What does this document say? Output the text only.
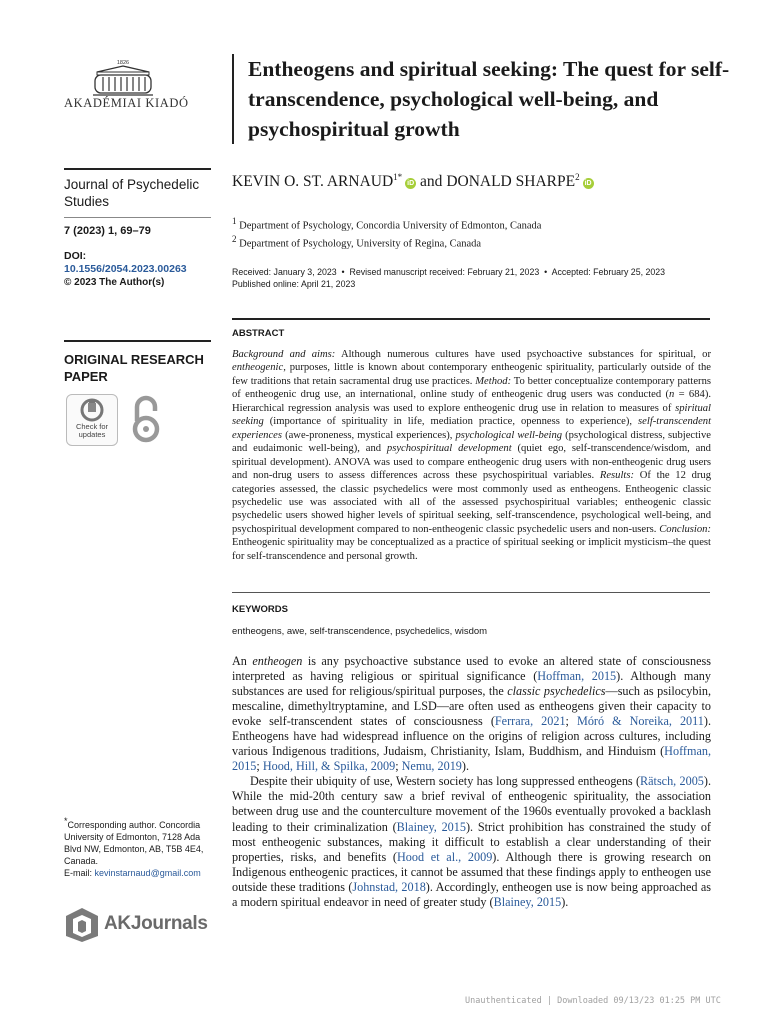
1826
AKADÉMIAI KIADÓ
Journal of Psychedelic Studies
7 (2023) 1, 69–79
DOI:
10.1556/2054.2023.00263
© 2023 The Author(s)
ORIGINAL RESEARCH PAPER
Check for updates
*Corresponding author. Concordia University of Edmonton, 7128 Ada Blvd NW, Edmonton, AB, T5B 4E4, Canada.
E-mail: kevinstarnaud@gmail.com
AKJournals
Entheogens and spiritual seeking: The quest for self-transcendence, psychological well-being, and psychospiritual growth
KEVIN O. ST. $ARNAUD^{1*}iD$ and DONALD SHARPE$^2$iD
$^1$ Department of Psychology, Concordia University of Edmonton, Canada
$^2$ Department of Psychology, University of Regina, Canada
Received: January 3, 2023  •  Revised manuscript received: February 21, 2023  •  Accepted: February 25, 2023
Published online: April 21, 2023
ABSTRACT
Background and aims: Although numerous cultures have used psychoactive substances for spiritual, or entheogenic, purposes, little is known about contemporary entheogenic spirituality, particularly outside of the few traditions that retain sacramental drug use practices. Method: To better conceptualize contemporary patterns of entheogenic drug use, an international, online study of entheogenic drug users was conducted (n = 684). Hierarchical regression analysis was used to explore entheogenic drug use in relation to measures of spiritual seeking (importance of spirituality in life, mediation practice, openness to experience), self-transcendent experiences (awe-proneness, mystical experiences), psychological well-being (psychological distress, subjective and eudaimonic well-being), and psychospiritual development (quiet ego, self-transcendence/wisdom, and spiritual development). ANOVA was used to compare entheogenic drug users with non-entheogenic drug users and non-drug users to assess differences across these psychospiritual variables. Results: Of the 12 drug categories assessed, the classic psychedelics were most commonly used as entheogens. Entheogenic classic psychedelic use was associated with all of the assessed psychospiritual variables; entheogenic classic psychedelic users showed higher levels of spiritual seeking, self-transcendence, psychological well-being, and psychospiritual development compared to non-entheogenic classic psychedelic users and non-users. Conclusion: Entheogenic spirituality may be conceptualized as a practice of spiritual seeking or implicit mysticism–the quest for self-transcendence and personal growth.
KEYWORDS
entheogens, awe, self-transcendence, psychedelics, wisdom

An entheogen is any psychoactive substance used to evoke an altered state of consciousness interpreted as having religious or spiritual significance (Hoffman, 2015). Although many substances are used for religious/spiritual purposes, the classic psychedelics—such as psilocybin, mescaline, dimethyltryptamine, and LSD—are often used as entheogens given their capacity to evoke self-transcendent states of consciousness (Ferrara, 2021; Móró & Noreika, 2011). Entheogens have had widespread influence on the origins of religion across cultures, including various Indigenous traditions, Judaism, Christianity, Islam, Buddhism, and Hinduism (Hoffman, 2015; Hood, Hill, & Spilka, 2009; Nemu, 2019).

Despite their ubiquity of use, Western society has long suppressed entheogens (Rätsch, 2005). While the mid-20th century saw a brief revival of entheogenic spirituality, the association between drug use and the counterculture movement of the 1960s eventually provoked a backlash leading to their criminalization (Blainey, 2015). Strict prohibition has constrained the study of most entheogenic substances, making it difficult to establish a clear understanding of their properties, risks, and benefits (Hood et al., 2009). Although there is growing research on Indigenous entheogenic practices, it cannot be assumed that these findings apply to entheogen use outside these traditions (Johnstad, 2018). Accordingly, entheogen use is now being approached as a modern spiritual endeavor in need of greater study (Blainey, 2015).

Unauthenticated | Downloaded 09/13/23 01:25 PM UTC
